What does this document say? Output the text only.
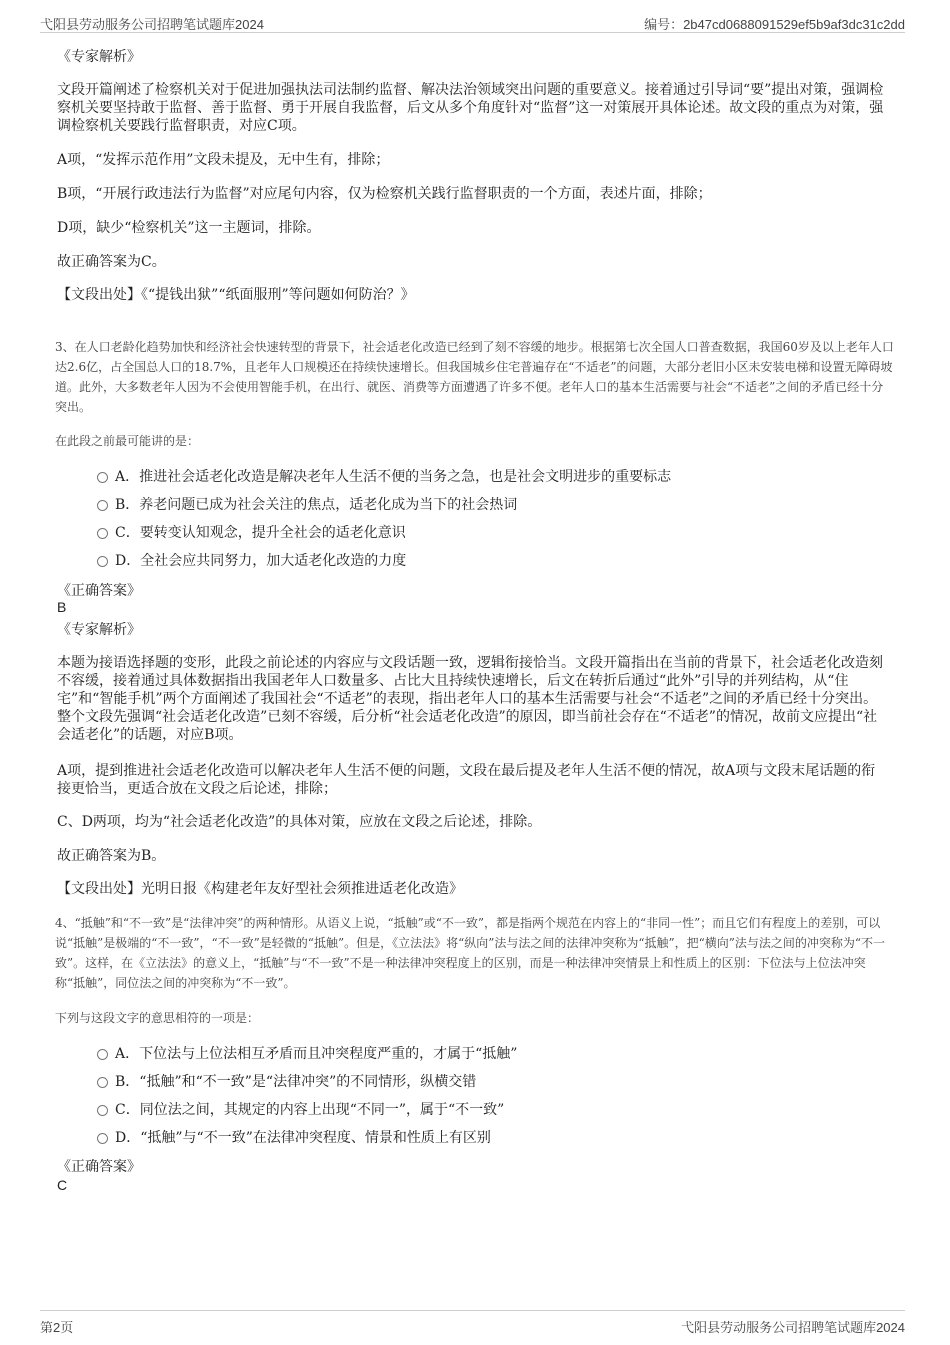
弋阳县劳动服务公司招聘笔试题库2024	编号：2b47cd0688091529ef5b9af3dc31c2dd

《专家解析》

文段开篇阐述了检察机关对于促进加强执法司法制约监督、解决法治领域突出问题的重要意义。接着通过引导词“要”提出对策，强调检察机关要坚持敢于监督、善于监督、勇于开展自我监督，后文从多个角度针对“监督”这一对策展开具体论述。故文段的重点为对策，强调检察机关要践行监督职责，对应C项。

A项，“发挥示范作用”文段未提及，无中生有，排除；

B项，“开展行政违法行为监督”对应尾句内容，仅为检察机关践行监督职责的一个方面，表述片面，排除；

D项，缺少“检察机关”这一主题词，排除。

故正确答案为C。

【文段出处】《“提钱出狱”“纸面服刑”等问题如何防治？》

3、在人口老龄化趋势加快和经济社会快速转型的背景下，社会适老化改造已经到了刻不容缓的地步。根据第七次全国人口普查数据，我国60岁及以上老年人口达2.6亿，占全国总人口的18.7%，且老年人口规模还在持续快速增长。但我国城乡住宅普遍存在“不适老”的问题，大部分老旧小区未安装电梯和设置无障碍坡道。此外，大多数老年人因为不会使用智能手机，在出行、就医、消费等方面遭遇了许多不便。老年人口的基本生活需要与社会“不适老”之间的矛盾已经十分突出。

在此段之前最可能讲的是：

A．推进社会适老化改造是解决老年人生活不便的当务之急，也是社会文明进步的重要标志
B．养老问题已成为社会关注的焦点，适老化成为当下的社会热词
C．要转变认知观念，提升全社会的适老化意识
D．全社会应共同努力，加大适老化改造的力度

《正确答案》

B

《专家解析》

本题为接语选择题的变形，此段之前论述的内容应与文段话题一致，逻辑衔接恰当。文段开篇指出在当前的背景下，社会适老化改造刻不容缓，接着通过具体数据指出我国老年人口数量多、占比大且持续快速增长，后文在转折后通过“此外”引导的并列结构，从“住宅”和“智能手机”两个方面阐述了我国社会“不适老”的表现，指出老年人口的基本生活需要与社会“不适老”之间的矛盾已经十分突出。整个文段先强调“社会适老化改造”已刻不容缓，后分析“社会适老化改造”的原因，即当前社会存在“不适老”的情况，故前文应提出“社会适老化”的话题，对应B项。

A项，提到推进社会适老化改造可以解决老年人生活不便的问题，文段在最后提及老年人生活不便的情况，故A项与文段末尾话题的衔接更恰当，更适合放在文段之后论述，排除；

C、D两项，均为“社会适老化改造”的具体对策，应放在文段之后论述，排除。

故正确答案为B。

【文段出处】光明日报《构建老年友好型社会须推进适老化改造》

4、“抵触”和“不一致”是“法律冲突”的两种情形。从语义上说，“抵触”或“不一致”，都是指两个规范在内容上的“非同一性”；而且它们有程度上的差别，可以说“抵触”是极端的“不一致”，“不一致”是轻微的“抵触”。但是，《立法法》将“纵向”法与法之间的法律冲突称为“抵触”，把“横向”法与法之间的冲突称为“不一致”。这样，在《立法法》的意义上，“抵触”与“不一致”不是一种法律冲突程度上的区别，而是一种法律冲突情景上和性质上的区别：下位法与上位法冲突称“抵触”，同位法之间的冲突称为“不一致”。

下列与这段文字的意思相符的一项是：

A．下位法与上位法相互矛盾而且冲突程度严重的，才属于“抵触”
B．“抵触”和“不一致”是“法律冲突”的不同情形，纵横交错
C．同位法之间，其规定的内容上出现“不同一”，属于“不一致”
D．“抵触”与“不一致”在法律冲突程度、情景和性质上有区别

《正确答案》

C
第2页	弋阳县劳动服务公司招聘笔试题库2024
